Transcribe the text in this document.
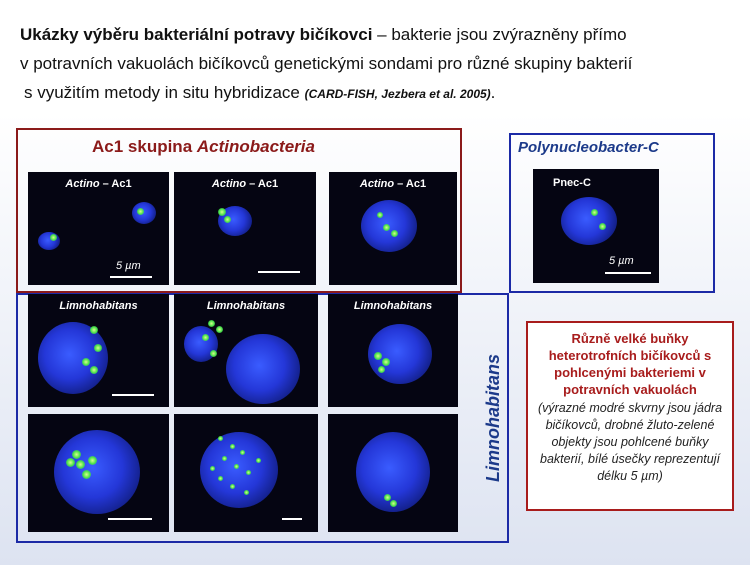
Ukázky výběru bakteriální potravy bičíkovci – bakterie jsou zvýrazněny přímo
v potravních vakuolách bičíkovců genetickými sondami pro různé skupiny bakterií
s využitím metody in situ hybridizace (CARD-FISH, Jezbera et al. 2005).
Ac1 skupina Actinobacteria	Polynucleobacter-C
Limnohabitans
Actino – Ac1
5 µm
Actino – Ac1	Actino – Ac1	Pnec-C
5 µm
Limnohabitans	Limnohabitans	Limnohabitans
Různě velké buňky heterotrofních bičíkovců s pohlcenými bakteriemi v potravních vakuolách
(výrazné modré skvrny jsou jádra bičíkovců, drobné žluto-zelené objekty jsou pohlcené buňky bakterií, bílé úsečky reprezentují délku 5 µm)
